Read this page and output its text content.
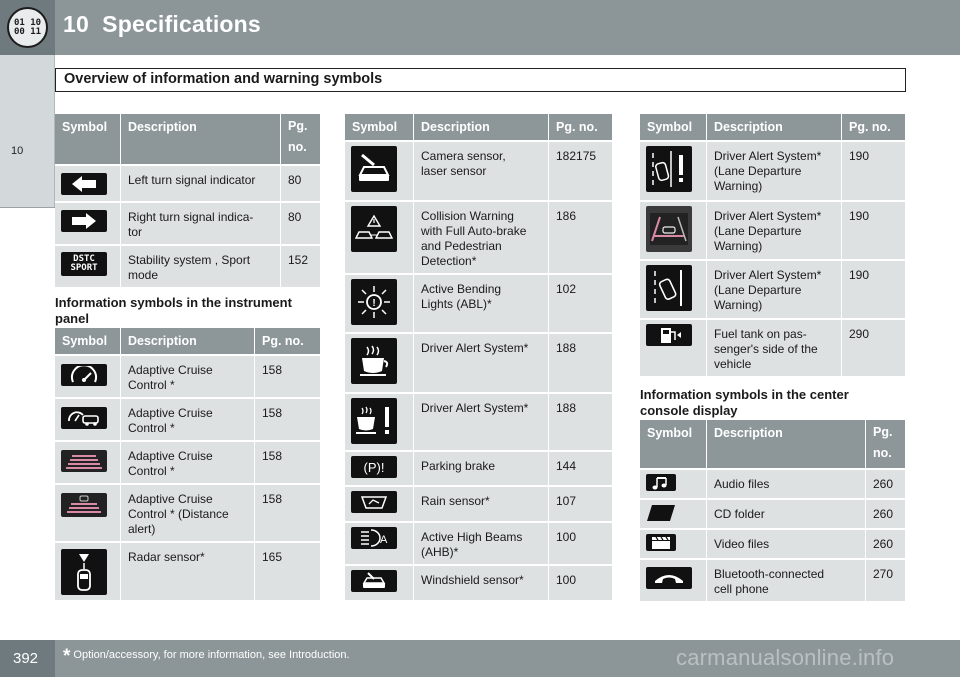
01 10
00 11 10  Specifications
10
Overview of information and warning symbols
Symbol	Description	Pg.
no.

	Left turn signal indicator	80

	Right turn signal indica-
tor	80

DSTC
SPORT	Stability system , Sport
mode	152
Information symbols in the instrument
panel
Symbol	Description	Pg. no.

	Adaptive Cruise
Control *	158

	Adaptive Cruise
Control *	158

	Adaptive Cruise
Control *	158

	Adaptive Cruise
Control * (Distance
alert)	158

	Radar sensor*	165
Symbol	Description	Pg. no.

	Camera sensor,
laser sensor	182175

	Collision Warning
with Full Auto-brake
and Pedestrian
Detection*	186

!	Active Bending
Lights (ABL)*	102

	Driver Alert System*	188

	Driver Alert System*	188

(P)!	Parking brake	144

	Rain sensor*	107

A	Active High Beams
(AHB)*	100

	Windshield sensor*	100
Symbol	Description	Pg. no.

	Driver Alert System*
(Lane Departure
Warning)	190

	Driver Alert System*
(Lane Departure
Warning)	190

	Driver Alert System*
(Lane Departure
Warning)	190

	Fuel tank on pas-
senger's side of the
vehicle	290
Information symbols in the center
console display
Symbol	Description	Pg.
no.

	Audio files	260

	CD folder	260

	Video files	260

	Bluetooth-connected
cell phone	270
392 * Option/accessory, for more information, see Introduction.	carmanualsonline.info
